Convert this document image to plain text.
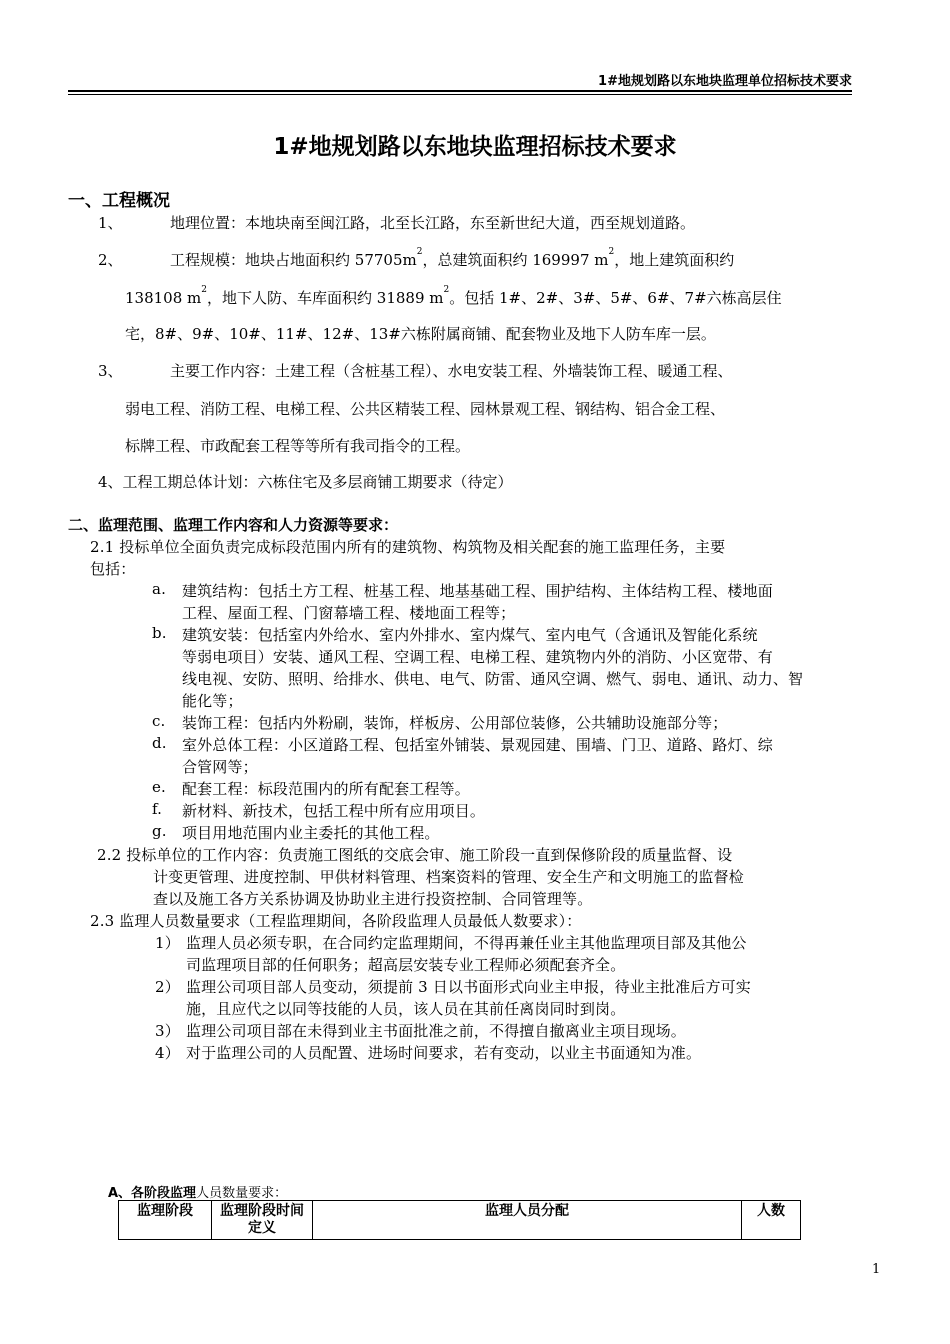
1#地规划路以东地块监理单位招标技术要求
1#地规划路以东地块监理招标技术要求
一、工程概况
1、	地理位置：本地块南至闽江路，北至长江路，东至新世纪大道，西至规划道路。
2、	工程规模：地块占地面积约 $57705m^2$，总建筑面积约 169997 $m^2$，地上建筑面积约
138108 $m^2$，地下人防、车库面积约 31889 $m^2$。包括 1#、2#、3#、5#、6#、7#六栋高层住
宅，8#、9#、10#、11#、12#、13#六栋附属商铺、配套物业及地下人防车库一层。
3、	主要工作内容：土建工程（含桩基工程）、水电安装工程、外墙装饰工程、暖通工程、
弱电工程、消防工程、电梯工程、公共区精装工程、园林景观工程、钢结构、铝合金工程、
标牌工程、市政配套工程等等所有我司指令的工程。
4、工程工期总体计划：六栋住宅及多层商铺工期要求（待定）
二、监理范围、监理工作内容和人力资源等要求：
2.1 投标单位全面负责完成标段范围内所有的建筑物、构筑物及相关配套的施工监理任务，主要
包括：
a. 建筑结构：包括土方工程、桩基工程、地基基础工程、围护结构、主体结构工程、楼地面
工程、屋面工程、门窗幕墙工程、楼地面工程等；
b. 建筑安装：包括室内外给水、室内外排水、室内煤气、室内电气（含通讯及智能化系统
等弱电项目）安装、通风工程、空调工程、电梯工程、建筑物内外的消防、小区宽带、有
线电视、安防、照明、给排水、供电、电气、防雷、通风空调、燃气、弱电、通讯、动力、智
能化等；
c. 装饰工程：包括内外粉刷，装饰，样板房、公用部位装修，公共辅助设施部分等；
d. 室外总体工程：小区道路工程、包括室外铺装、景观园建、围墙、门卫、道路、路灯、综
合管网等；
e. 配套工程：标段范围内的所有配套工程等。
f. 新材料、新技术，包括工程中所有应用项目。
g. 项目用地范围内业主委托的其他工程。
2.2 投标单位的工作内容：负责施工图纸的交底会审、施工阶段一直到保修阶段的质量监督、设
计变更管理、进度控制、甲供材料管理、档案资料的管理、安全生产和文明施工的监督检
查以及施工各方关系协调及协助业主进行投资控制、合同管理等。
2.3 监理人员数量要求（工程监理期间，各阶段监理人员最低人数要求）：
1） 监理人员必须专职，在合同约定监理期间，不得再兼任业主其他监理项目部及其他公
司监理项目部的任何职务；超高层安装专业工程师必须配套齐全。
2） 监理公司项目部人员变动，须提前 3 日以书面形式向业主申报，待业主批准后方可实
施，且应代之以同等技能的人员，该人员在其前任离岗同时到岗。
3） 监理公司项目部在未得到业主书面批准之前，不得擅自撤离业主项目现场。
4） 对于监理公司的人员配置、进场时间要求，若有变动，以业主书面通知为准。
A、各阶段监理人员数量要求：
监理阶段	监理阶段时间定义	监理人员分配	人数
1
